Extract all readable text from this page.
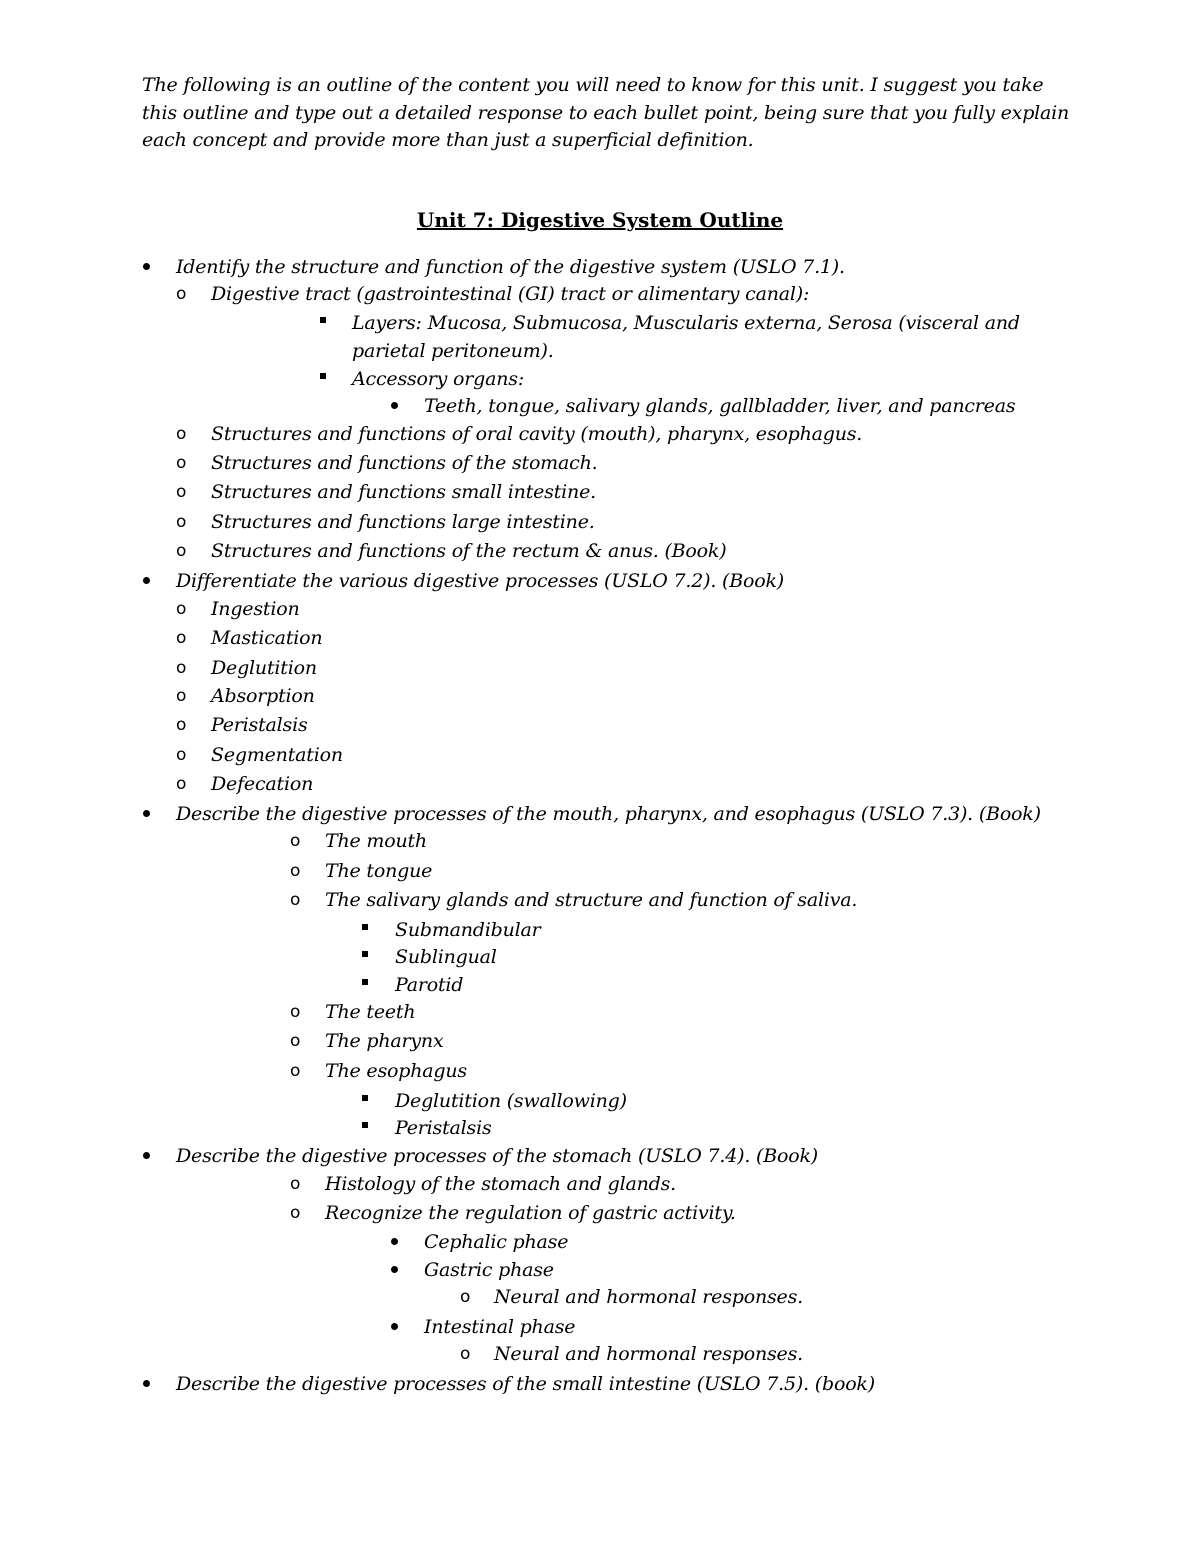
The following is an outline of the content you will need to know for this unit. I suggest you take this outline and type out a detailed response to each bullet point, being sure that you fully explain each concept and provide more than just a superficial definition.

Unit 7: Digestive System Outline
Identify the structure and function of the digestive system (USLO 7.1).
o Digestive tract (gastrointestinal (GI) tract or alimentary canal):
Layers: Mucosa, Submucosa, Muscularis externa, Serosa (visceral and
parietal peritoneum).
Accessory organs:
Teeth, tongue, salivary glands, gallbladder, liver, and pancreas
o Structures and functions of oral cavity (mouth), pharynx, esophagus.
o Structures and functions of the stomach.
o Structures and functions small intestine.
o Structures and functions large intestine.
o Structures and functions of the rectum & anus. (Book)
Differentiate the various digestive processes (USLO 7.2). (Book)
o Ingestion
o Mastication
o Deglutition
o Absorption
o Peristalsis
o Segmentation
o Defecation
Describe the digestive processes of the mouth, pharynx, and esophagus (USLO 7.3). (Book)
o The mouth
o The tongue
o The salivary glands and structure and function of saliva.
Submandibular
Sublingual
Parotid
o The teeth
o The pharynx
o The esophagus
Deglutition (swallowing)
Peristalsis
Describe the digestive processes of the stomach (USLO 7.4). (Book)
o Histology of the stomach and glands.
o Recognize the regulation of gastric activity.
Cephalic phase
Gastric phase
o Neural and hormonal responses.
Intestinal phase
o Neural and hormonal responses.
Describe the digestive processes of the small intestine (USLO 7.5). (book)
